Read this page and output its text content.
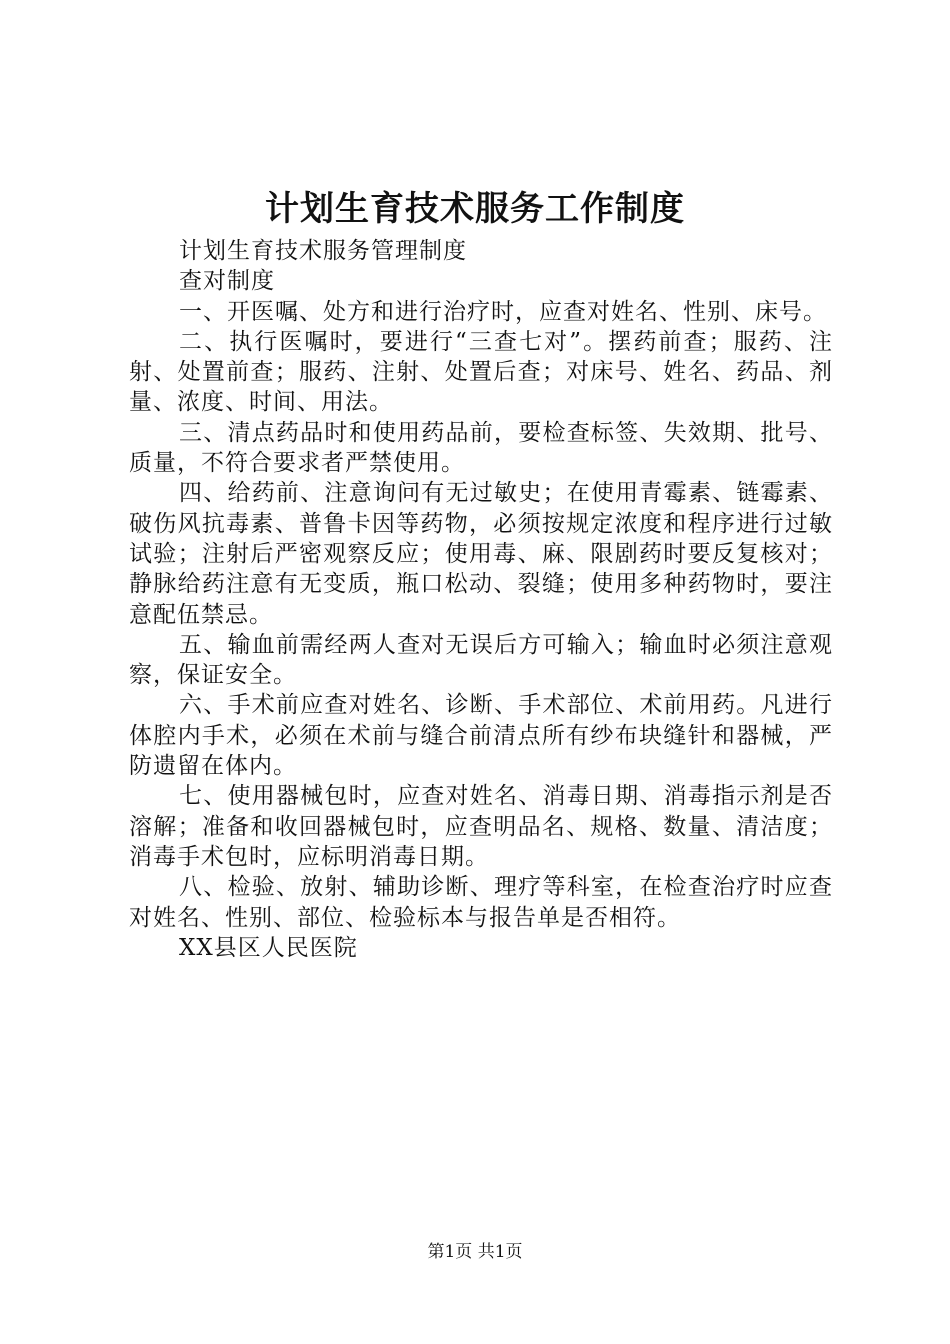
计划生育技术服务工作制度

计划生育技术服务管理制度

查对制度

一、开医嘱、处方和进行治疗时，应查对姓名、性别、床号。

二、执行医嘱时，要进行“三查七对”。摆药前查；服药、注射、处置前查；服药、注射、处置后查；对床号、姓名、药品、剂量、浓度、时间、用法。

三、清点药品时和使用药品前，要检查标签、失效期、批号、质量，不符合要求者严禁使用。

四、给药前、注意询问有无过敏史；在使用青霉素、链霉素、破伤风抗毒素、普鲁卡因等药物，必须按规定浓度和程序进行过敏试验；注射后严密观察反应；使用毒、麻、限剧药时要反复核对；静脉给药注意有无变质，瓶口松动、裂缝；使用多种药物时，要注意配伍禁忌。

五、输血前需经两人查对无误后方可输入；输血时必须注意观察，保证安全。

六、手术前应查对姓名、诊断、手术部位、术前用药。凡进行体腔内手术，必须在术前与缝合前清点所有纱布块缝针和器械，严防遗留在体内。

七、使用器械包时，应查对姓名、消毒日期、消毒指示剂是否溶解；准备和收回器械包时，应查明品名、规格、数量、清洁度；消毒手术包时，应标明消毒日期。

八、检验、放射、辅助诊断、理疗等科室，在检查治疗时应查对姓名、性别、部位、检验标本与报告单是否相符。

XX县区人民医院

第1页 共1页
